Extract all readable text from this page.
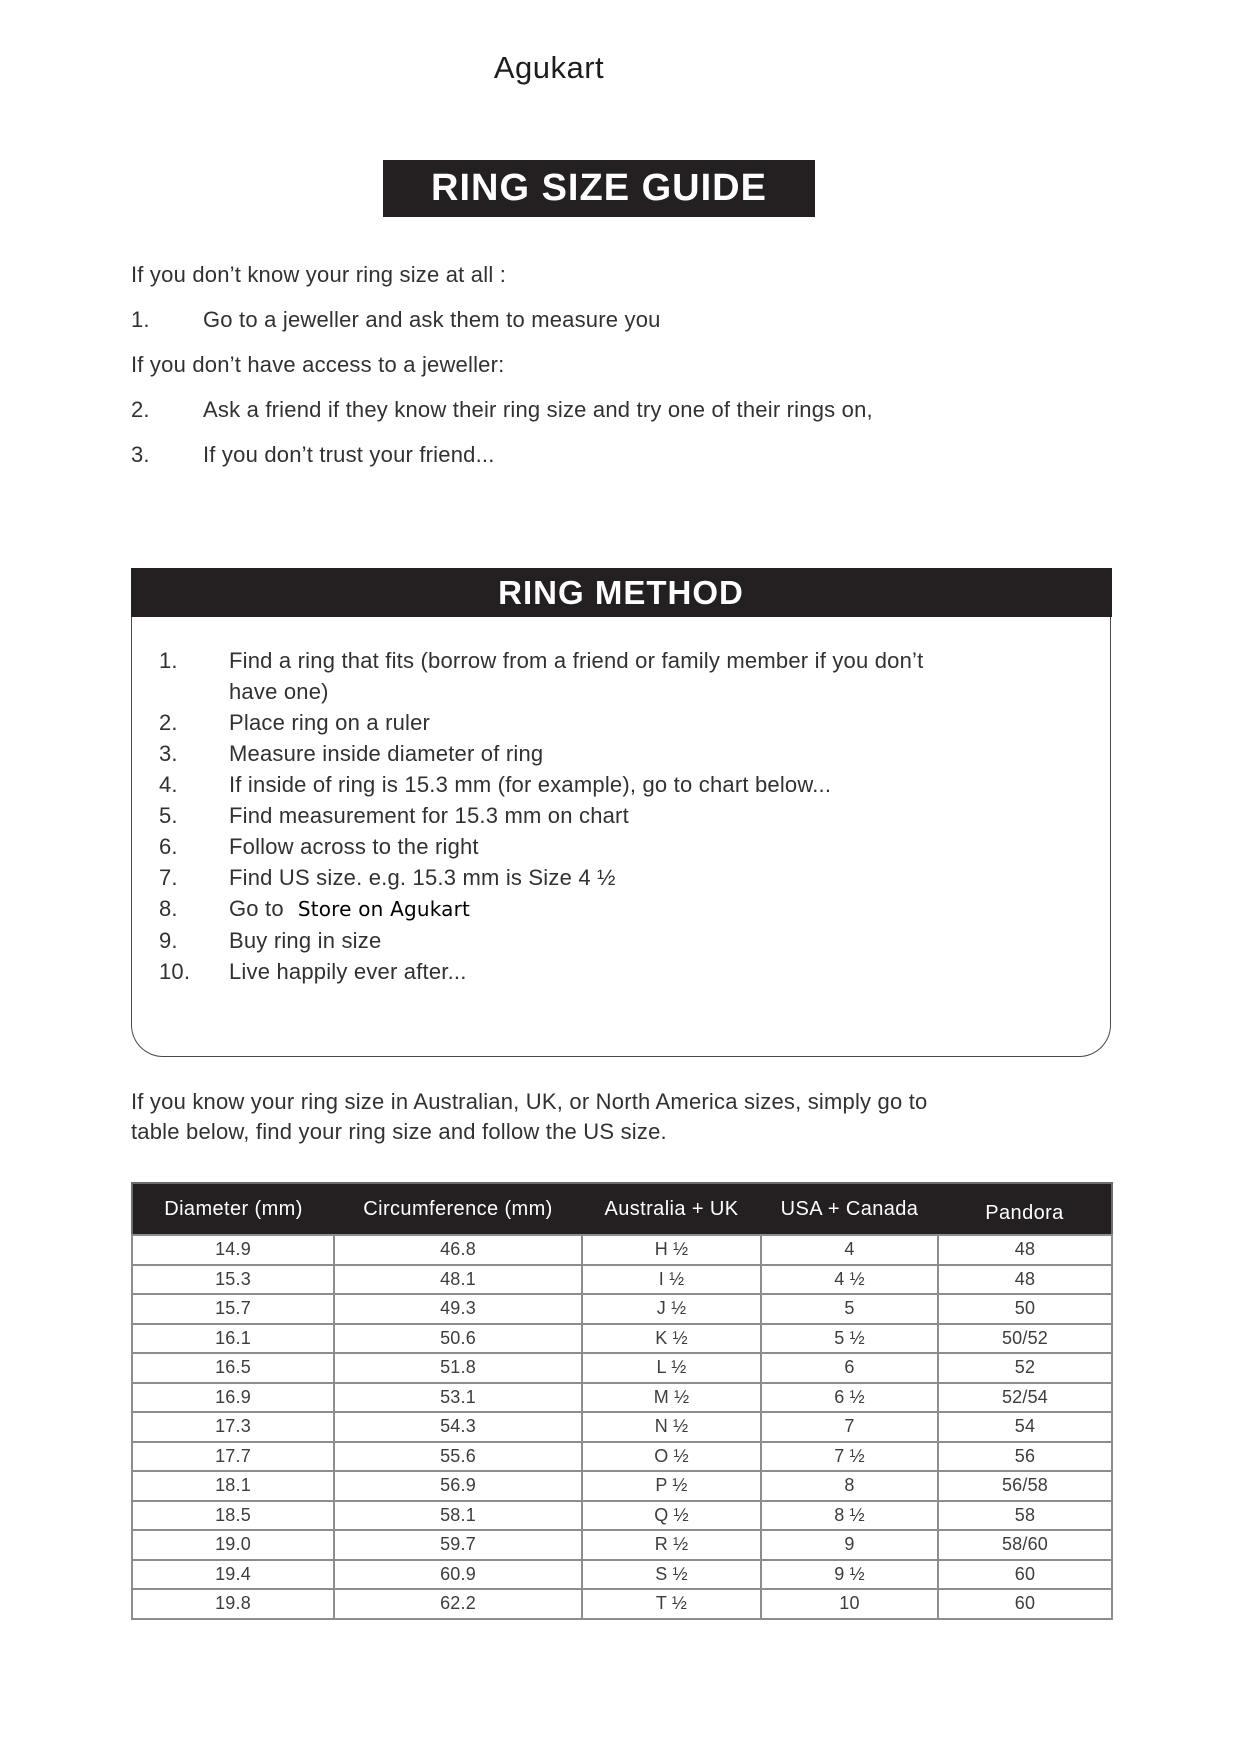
Agukart
RING SIZE GUIDE
If you don’t know your ring size at all :
1.	Go to a jeweller and ask them to measure you
If you don’t have access to a jeweller:
2.	Ask a friend if they know their ring size and try one of their rings on,
3.	If you don’t trust your friend...
RING METHOD
1.	Find a ring that fits (borrow from a friend or family member if you don’t have one)
2.	Place ring on a ruler
3.	Measure inside diameter of ring
4.	If inside of ring is 15.3 mm (for example), go to chart below...
5.	Find measurement for 15.3 mm on chart
6.	Follow across to the right
7.	Find US size. e.g. 15.3 mm is Size 4 ½
8.	Go to Store on Agukart
9.	Buy ring in size
10.	Live happily ever after...

If you know your ring size in Australian, UK, or North America sizes, simply go to
table below, find your ring size and follow the US size.

Diameter (mm)	Circumference (mm)	Australia + UK	USA + Canada	Pandora
14.9	46.8	H ½	4	48
15.3	48.1	I ½	4 ½	48
15.7	49.3	J ½	5	50
16.1	50.6	K ½	5 ½	50/52
16.5	51.8	L ½	6	52
16.9	53.1	M ½	6 ½	52/54
17.3	54.3	N ½	7	54
17.7	55.6	O ½	7 ½	56
18.1	56.9	P ½	8	56/58
18.5	58.1	Q ½	8 ½	58
19.0	59.7	R ½	9	58/60
19.4	60.9	S ½	9 ½	60
19.8	62.2	T ½	10	60
